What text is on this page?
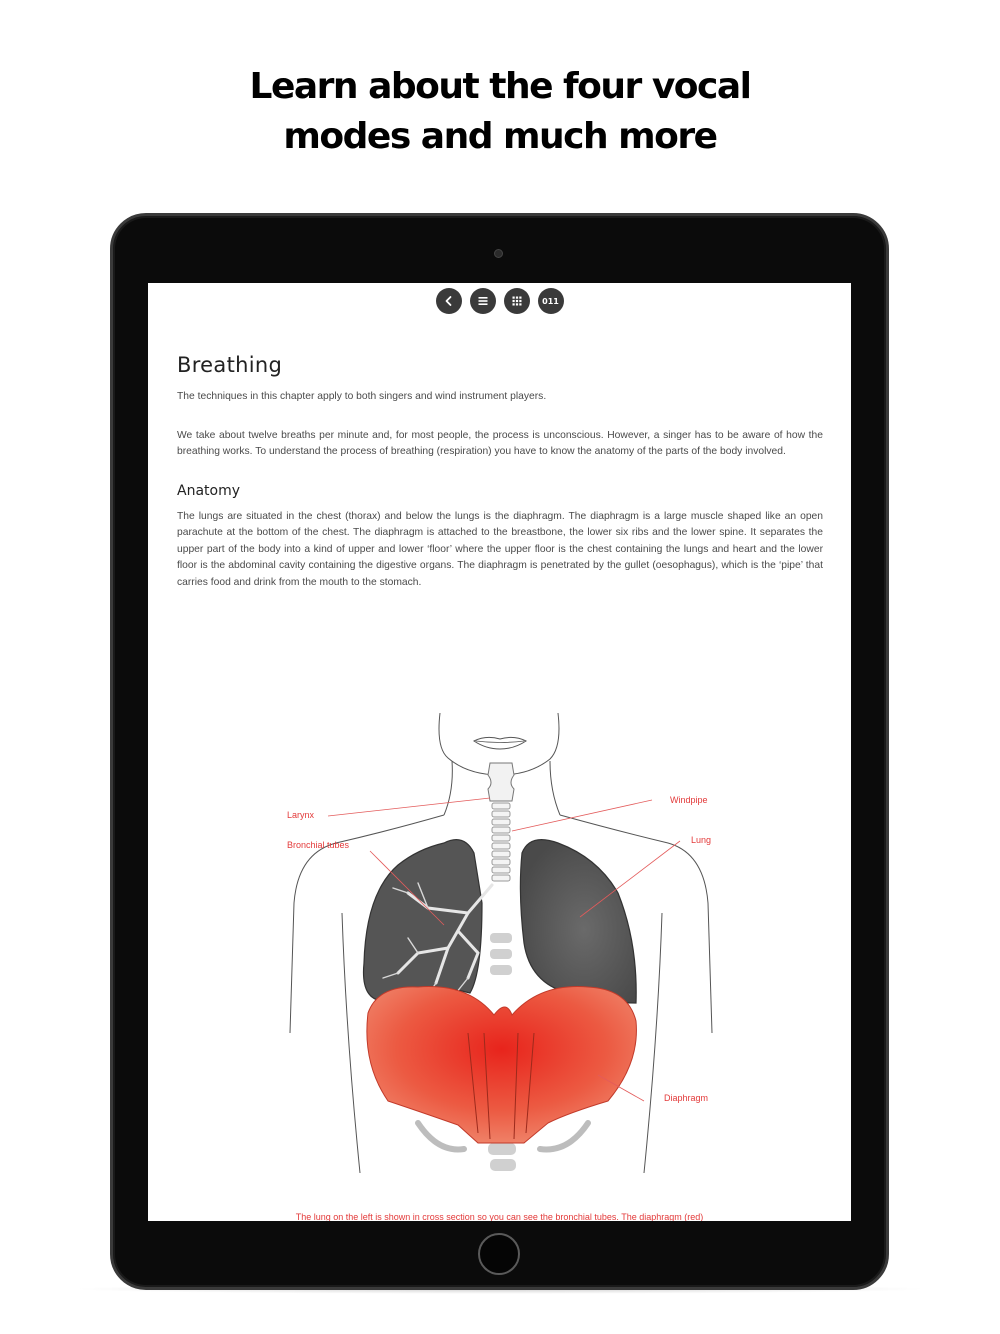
Learn about the four vocal
modes and much more
011
Breathing

The techniques in this chapter apply to both singers and wind instrument players.

We take about twelve breaths per minute and, for most people, the process is unconscious. However, a singer has to be aware of how the breathing works. To understand the process of breathing (respiration) you have to know the anatomy of the parts of the body involved.

Anatomy

The lungs are situated in the chest (thorax) and below the lungs is the diaphragm. The diaphragm is a large muscle shaped like an open parachute at the bottom of the chest. The diaphragm is attached to the breastbone, the lower six ribs and the lower spine. It separates the upper part of the body into a kind of upper and lower ‘floor’ where the upper floor is the chest containing the lungs and heart and the lower floor is the abdominal cavity containing the digestive organs. The diaphragm is penetrated by the gullet (oesophagus), which is the ‘pipe’ that carries food and drink from the mouth to the stomach.

Larynx
Windpipe
Bronchial tubes	Lung
Diaphragm
The lung on the left is shown in cross section so you can see the bronchial tubes. The diaphragm (red)
